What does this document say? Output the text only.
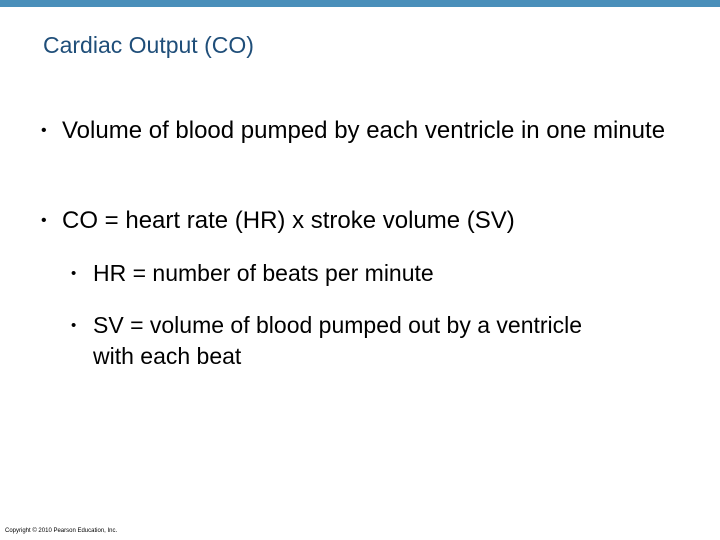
Cardiac Output (CO)
• Volume of blood pumped by each ventricle in one minute
• CO = heart rate (HR) x stroke volume (SV)
• HR = number of beats per minute
• SV = volume of blood pumped out by a ventricle with each beat
Copyright © 2010 Pearson Education, Inc.
